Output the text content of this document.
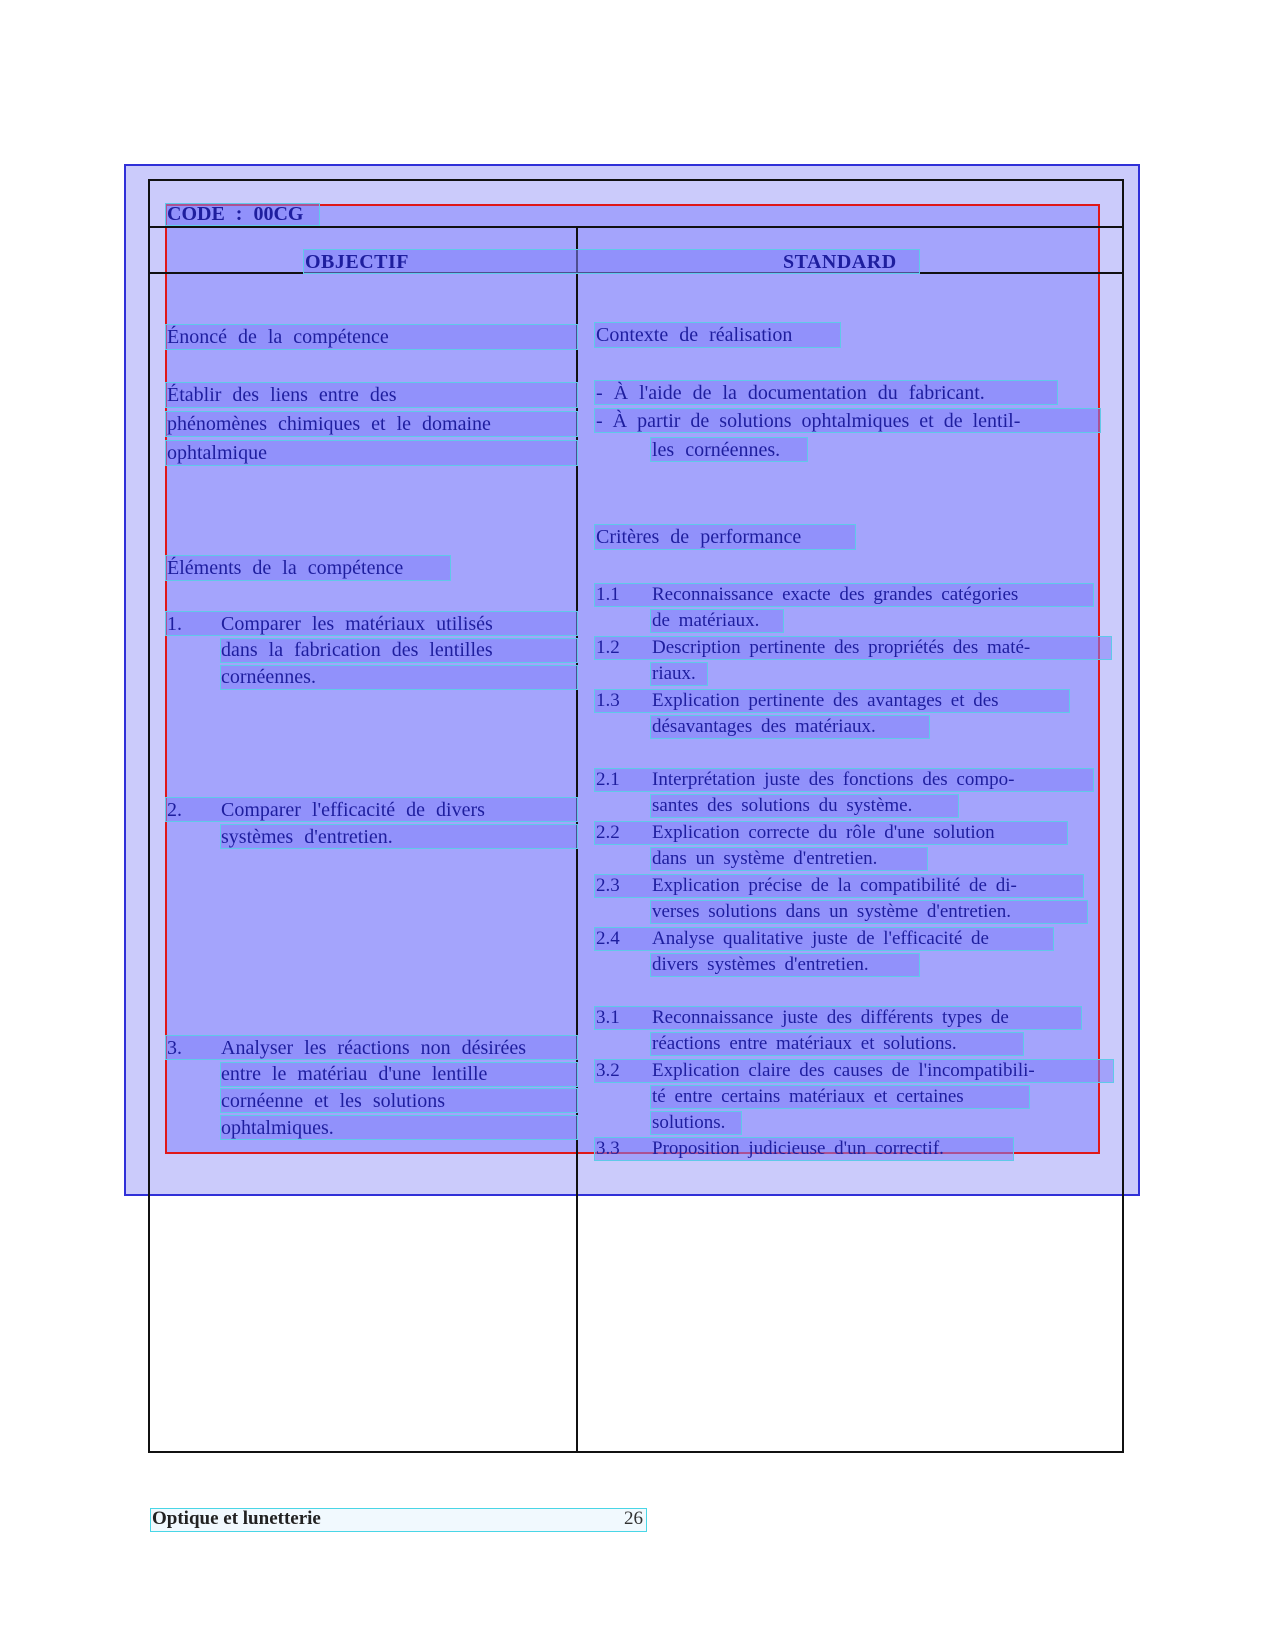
CODE : 00CG
OBJECTIF	STANDARD
Énoncé de la compétence
Établir des liens entre des
phénomènes chimiques et le domaine
ophtalmique
Éléments de la compétence
1. Comparer les matériaux utilisés
dans la fabrication des lentilles
cornéennes.
2. Comparer l'efficacité de divers
systèmes d'entretien.
3. Analyser les réactions non désirées
entre le matériau d'une lentille
cornéenne et les solutions
ophtalmiques.
Contexte de réalisation
- À l'aide de la documentation du fabricant.
- À partir de solutions ophtalmiques et de lentil-
les cornéennes.
Critères de performance
1.1 Reconnaissance exacte des grandes catégories
de matériaux.
1.2 Description pertinente des propriétés des maté-
riaux.
1.3 Explication pertinente des avantages et des
désavantages des matériaux.
2.1 Interprétation juste des fonctions des compo-
santes des solutions du système.
2.2 Explication correcte du rôle d'une solution
dans un système d'entretien.
2.3 Explication précise de la compatibilité de di-
verses solutions dans un système d'entretien.
2.4 Analyse qualitative juste de l'efficacité de
divers systèmes d'entretien.
3.1 Reconnaissance juste des différents types de
réactions entre matériaux et solutions.
3.2 Explication claire des causes de l'incompatibili-
té entre certains matériaux et certaines
solutions.
3.3 Proposition judicieuse d'un correctif.
Optique et lunetterie	26
